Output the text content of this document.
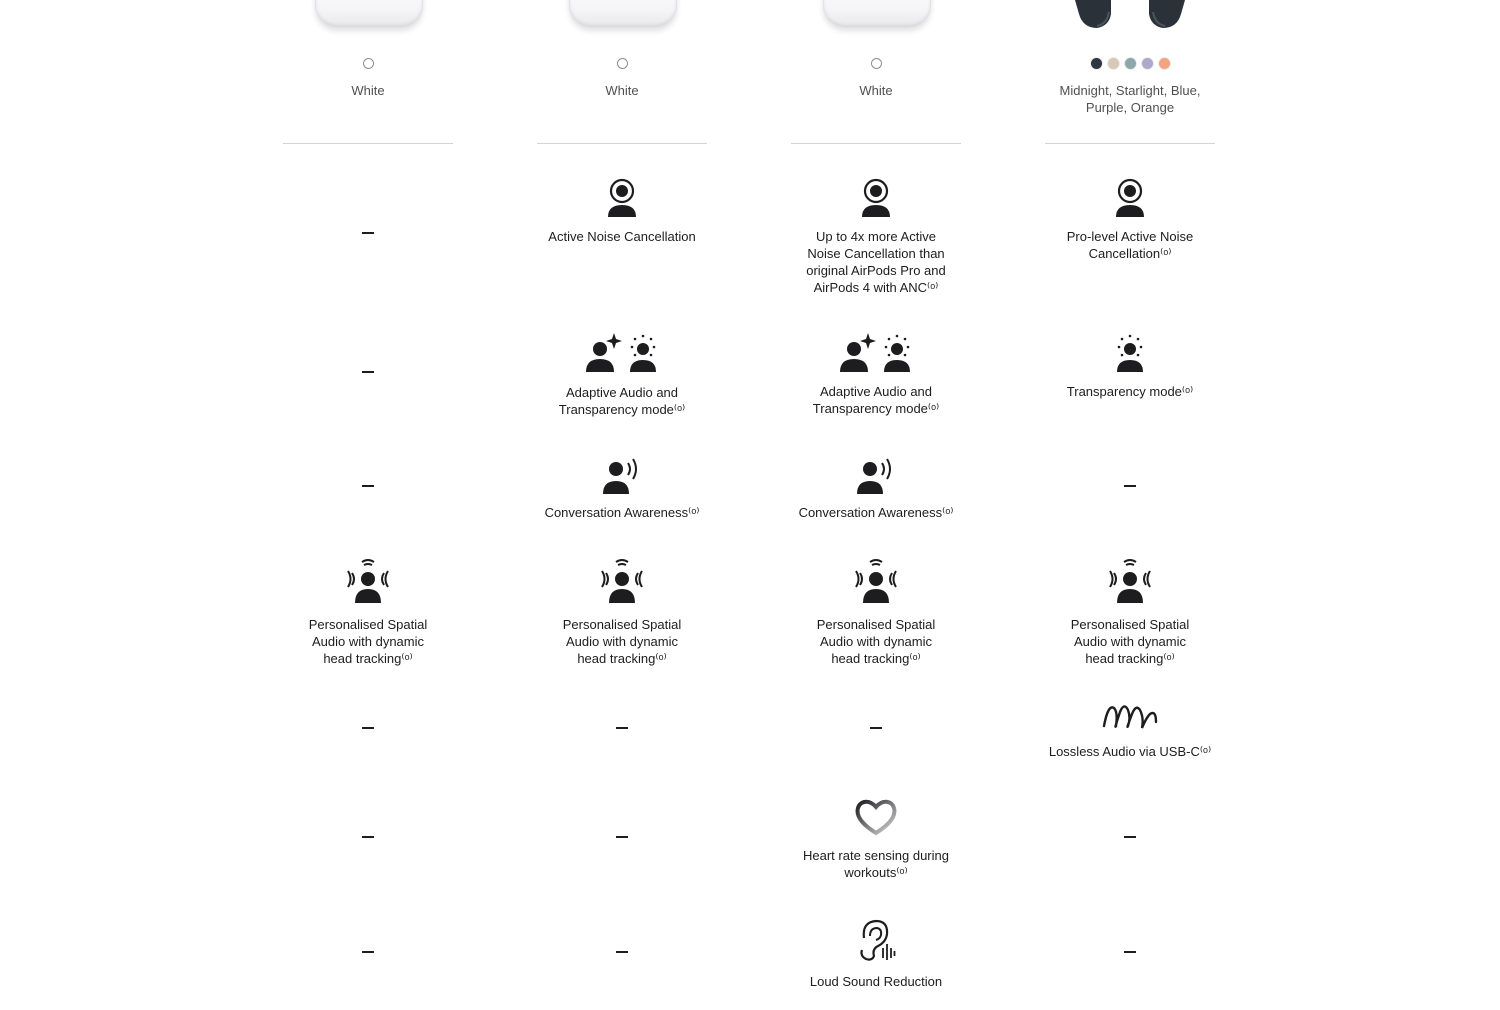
White
Personalised Spatial Audio with dynamic head tracking⁽ᵒ⁾
White
Active Noise Cancellation
Adaptive Audio and Transparency mode⁽ᵒ⁾
Conversation Awareness⁽ᵒ⁾
Personalised Spatial Audio with dynamic head tracking⁽ᵒ⁾
White
Up to 4x more Active Noise Cancellation than original AirPods Pro and AirPods 4 with ANC⁽ᵒ⁾
Adaptive Audio and Transparency mode⁽ᵒ⁾
Conversation Awareness⁽ᵒ⁾
Personalised Spatial Audio with dynamic head tracking⁽ᵒ⁾
Heart rate sensing during workouts⁽ᵒ⁾
Loud Sound Reduction
Midnight, Starlight, Blue, Purple, Orange
Pro-level Active Noise Cancellation⁽ᵒ⁾
Transparency mode⁽ᵒ⁾
Personalised Spatial Audio with dynamic head tracking⁽ᵒ⁾
Lossless Audio via USB-C⁽ᵒ⁾
